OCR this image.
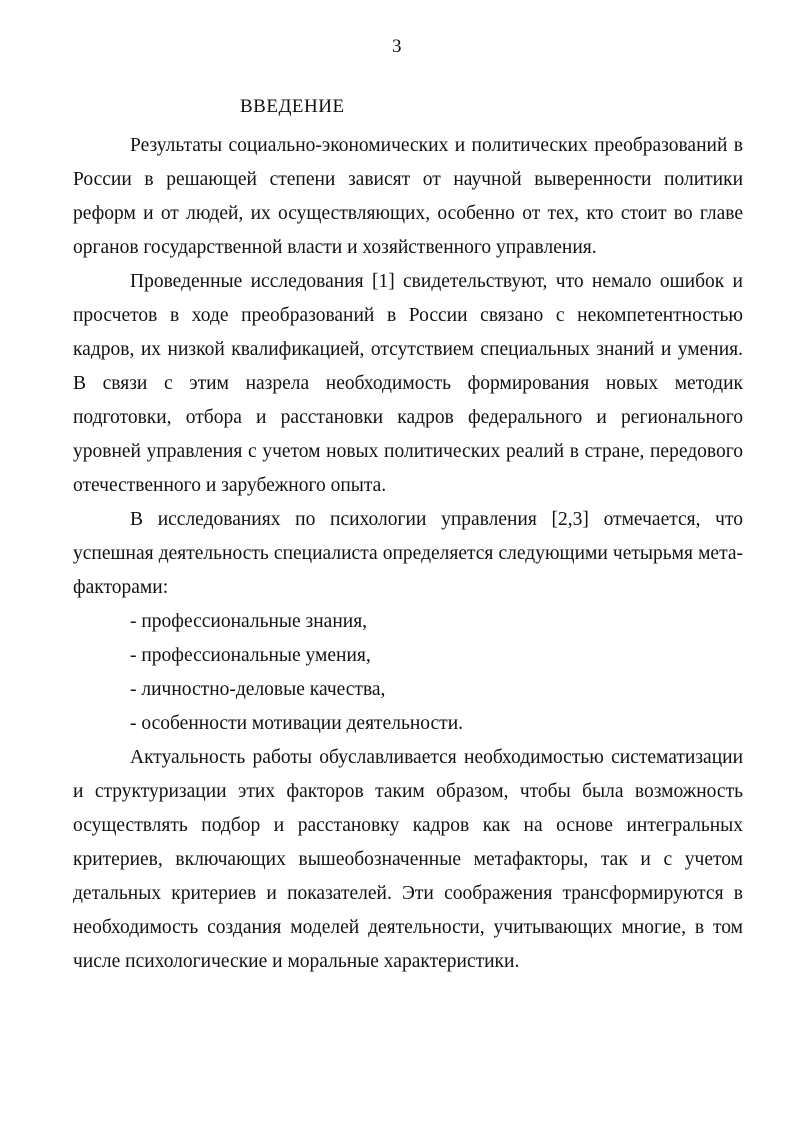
3
ВВЕДЕНИЕ

Результаты социально-экономических и политических преобразований в России в решающей степени зависят от научной выверенности политики реформ и от людей, их осуществляющих, особенно от тех, кто стоит во главе органов государственной власти и хозяйственного управления.

Проведенные исследования [1] свидетельствуют, что немало ошибок и просчетов в ходе преобразований в России связано с некомпетентностью кадров, их низкой квалификацией, отсутствием специальных знаний и умения. В связи с этим назрела необходимость формирования новых методик подготовки, отбора и расстановки кадров федерального и регионального уровней управления с учетом новых политических реалий в стране, передового отечественного и зарубежного опыта.

В исследованиях по психологии управления [2,3] отмечается, что успешная деятельность специалиста определяется следующими четырьмя мета-факторами:

- профессиональные знания,
- профессиональные умения,
- личностно-деловые качества,
- особенности мотивации деятельности.

Актуальность работы обуславливается необходимостью систематизации и структуризации этих факторов таким образом, чтобы была возможность осуществлять подбор и расстановку кадров как на основе интегральных критериев, включающих вышеобозначенные метафакторы, так и с учетом детальных критериев и показателей. Эти соображения трансформируются в необходимость создания моделей деятельности, учитывающих многие, в том числе психологические и моральные характеристики.
